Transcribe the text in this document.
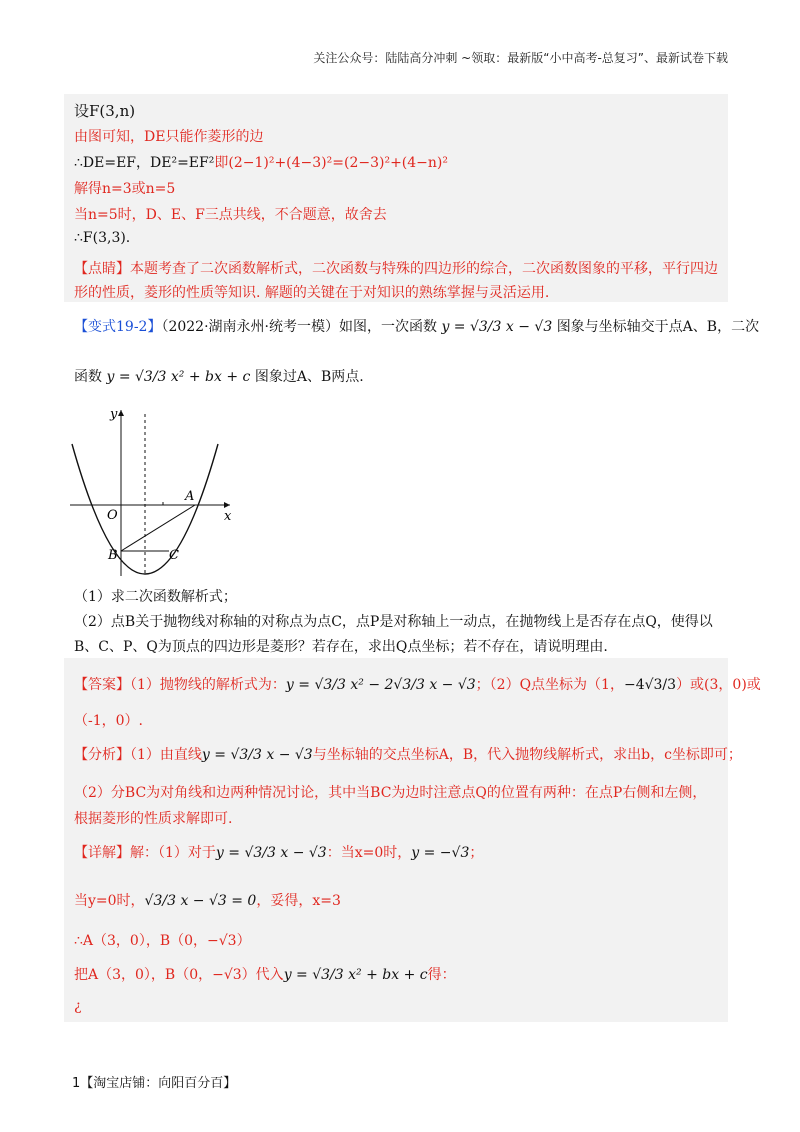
关注公众号：陆陆高分冲刺 ~领取：最新版“小中高考-总复习”、最新试卷下载
设F(3,n)
由图可知，DE只能作菱形的边
∴DE=EF，DE²=EF²即(2−1)²+(4−3)²=(2−3)²+(4−n)²
解得n=3或n=5
当n=5时，D、E、F三点共线，不合题意，故舍去
∴F(3,3).
【点睛】本题考查了二次函数解析式，二次函数与特殊的四边形的综合，二次函数图象的平移，平行四边
形的性质，菱形的性质等知识. 解题的关键在于对知识的熟练掌握与灵活运用.
【变式19-2】（2022·湖南永州·统考一模）如图，一次函数 y = √3/3 x − √3 图象与坐标轴交于点A、B，二次
函数 y = √3/3 x² + bx + c 图象过A、B两点.
y
x
O
A
B	C
（1）求二次函数解析式；
（2）点B关于抛物线对称轴的对称点为点C，点P是对称轴上一动点，在抛物线上是否存在点Q，使得以
B、C、P、Q为顶点的四边形是菱形？若存在，求出Q点坐标；若不存在，请说明理由.
【答案】（1）抛物线的解析式为：y = √3/3 x² − 2√3/3 x − √3；（2）Q点坐标为（1，−4√3/3）或(3，0)或
（-1，0）.
【分析】（1）由直线y = √3/3 x − √3与坐标轴的交点坐标A，B，代入抛物线解析式，求出b，c坐标即可；
（2）分BC为对角线和边两种情况讨论，其中当BC为边时注意点Q的位置有两种：在点P右侧和左侧，
根据菱形的性质求解即可.
【详解】解：（1）对于y = √3/3 x − √3：当x=0时，y = −√3；
当y=0时，√3/3 x − √3 = 0，妥得，x=3
∴A（3，0），B（0，−√3）
把A（3，0），B（0，−√3）代入y = √3/3 x² + bx + c得：
¿
1【淘宝店铺：向阳百分百】
